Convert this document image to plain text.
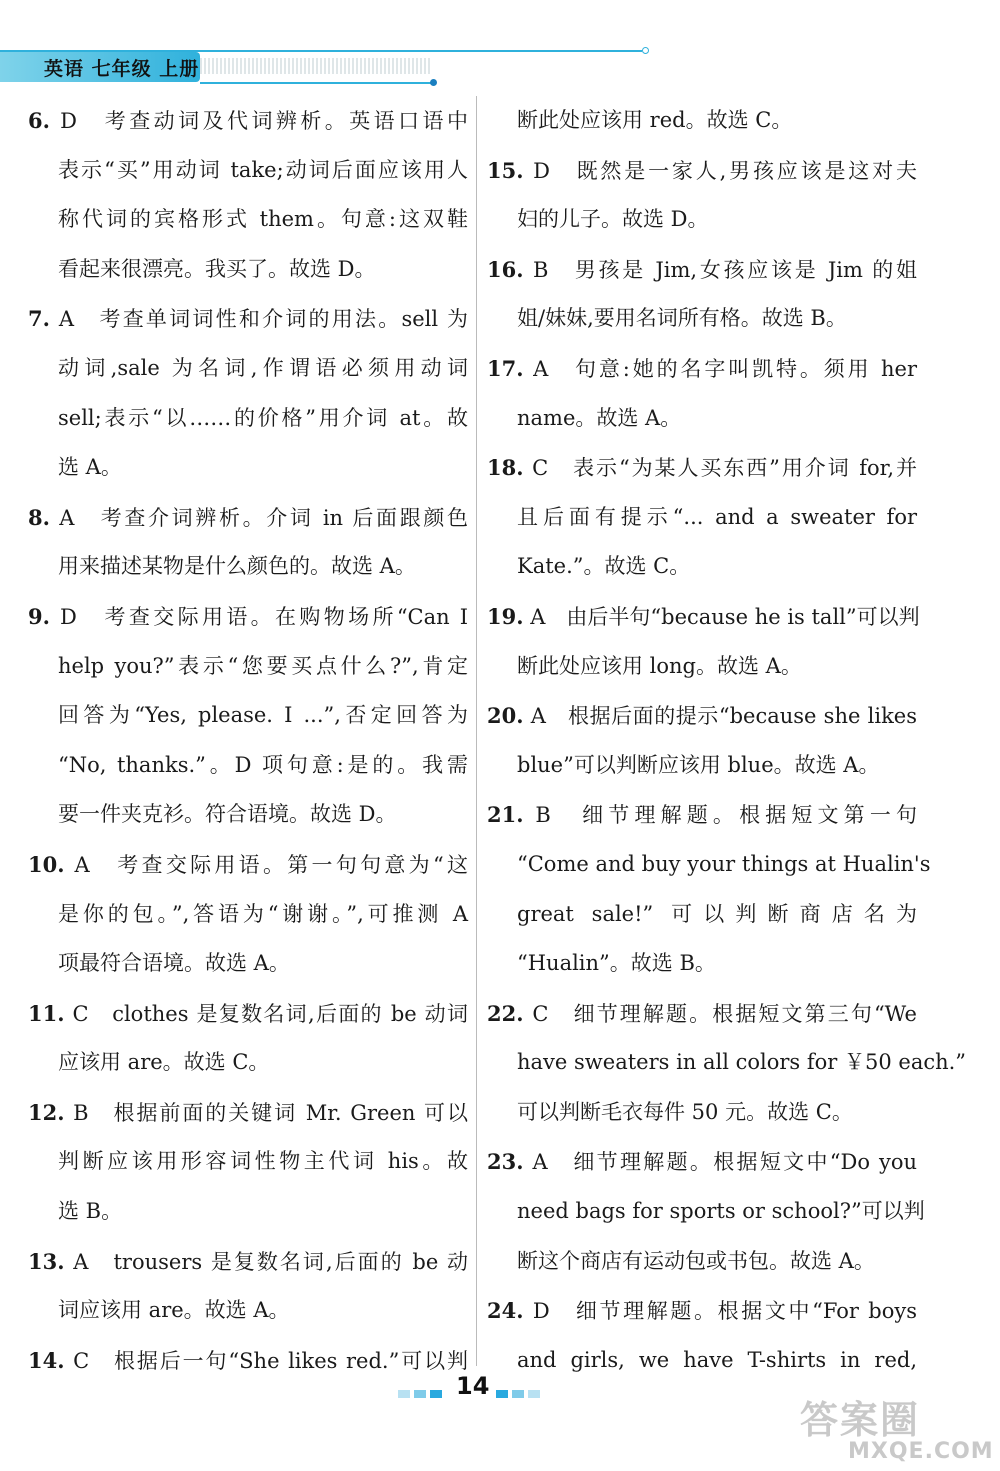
英语 七年级 上册
6. D　考查动词及代词辨析。英语口语中
表示“买”用动词 take;动词后面应该用人
称代词的宾格形式 them。句意:这双鞋
看起来很漂亮。我买了。故选 D。
7. A　考查单词词性和介词的用法。sell 为
动词,sale 为名词,作谓语必须用动词
sell;表示“以……的价格”用介词 at。故
选 A。
8. A　考查介词辨析。介词 in 后面跟颜色
用来描述某物是什么颜色的。故选 A。
9. D　考查交际用语。在购物场所“Can I
help you?”表示“您要买点什么?”,肯定
回答为“Yes, please. I ...”,否定回答为
“No, thanks.”。D 项句意:是的。我需
要一件夹克衫。符合语境。故选 D。
10. A　考查交际用语。第一句句意为“这
是你的包。”,答语为“谢谢。”,可推测 A
项最符合语境。故选 A。
11. C　clothes 是复数名词,后面的 be 动词
应该用 are。故选 C。
12. B　根据前面的关键词 Mr. Green 可以
判断应该用形容词性物主代词 his。故
选 B。
13. A　trousers 是复数名词,后面的 be 动
词应该用 are。故选 A。
14. C　根据后一句“She likes red.”可以判
断此处应该用 red。故选 C。
15. D　既然是一家人,男孩应该是这对夫
妇的儿子。故选 D。
16. B　男孩是 Jim,女孩应该是 Jim 的姐
姐/妹妹,要用名词所有格。故选 B。
17. A　句意:她的名字叫凯特。须用 her
name。故选 A。
18. C　表示“为某人买东西”用介词 for,并
且后面有提示“... and a sweater for
Kate.”。故选 C。
19. A　由后半句“because he is tall”可以判
断此处应该用 long。故选 A。
20. A　根据后面的提示“because she likes
blue”可以判断应该用 blue。故选 A。
21. B　细节理解题。根据短文第一句
“Come and buy your things at Hualin's
great sale!” 可以判断商店名为
“Hualin”。故选 B。
22. C　细节理解题。根据短文第三句“We
have sweaters in all colors for ￥50 each.”
可以判断毛衣每件 50 元。故选 C。
23. A　细节理解题。根据短文中“Do you
need bags for sports or school?”可以判
断这个商店有运动包或书包。故选 A。
24. D　细节理解题。根据文中“For boys
and girls, we have T-shirts in red,
14
答案圈
MXQE.COM
